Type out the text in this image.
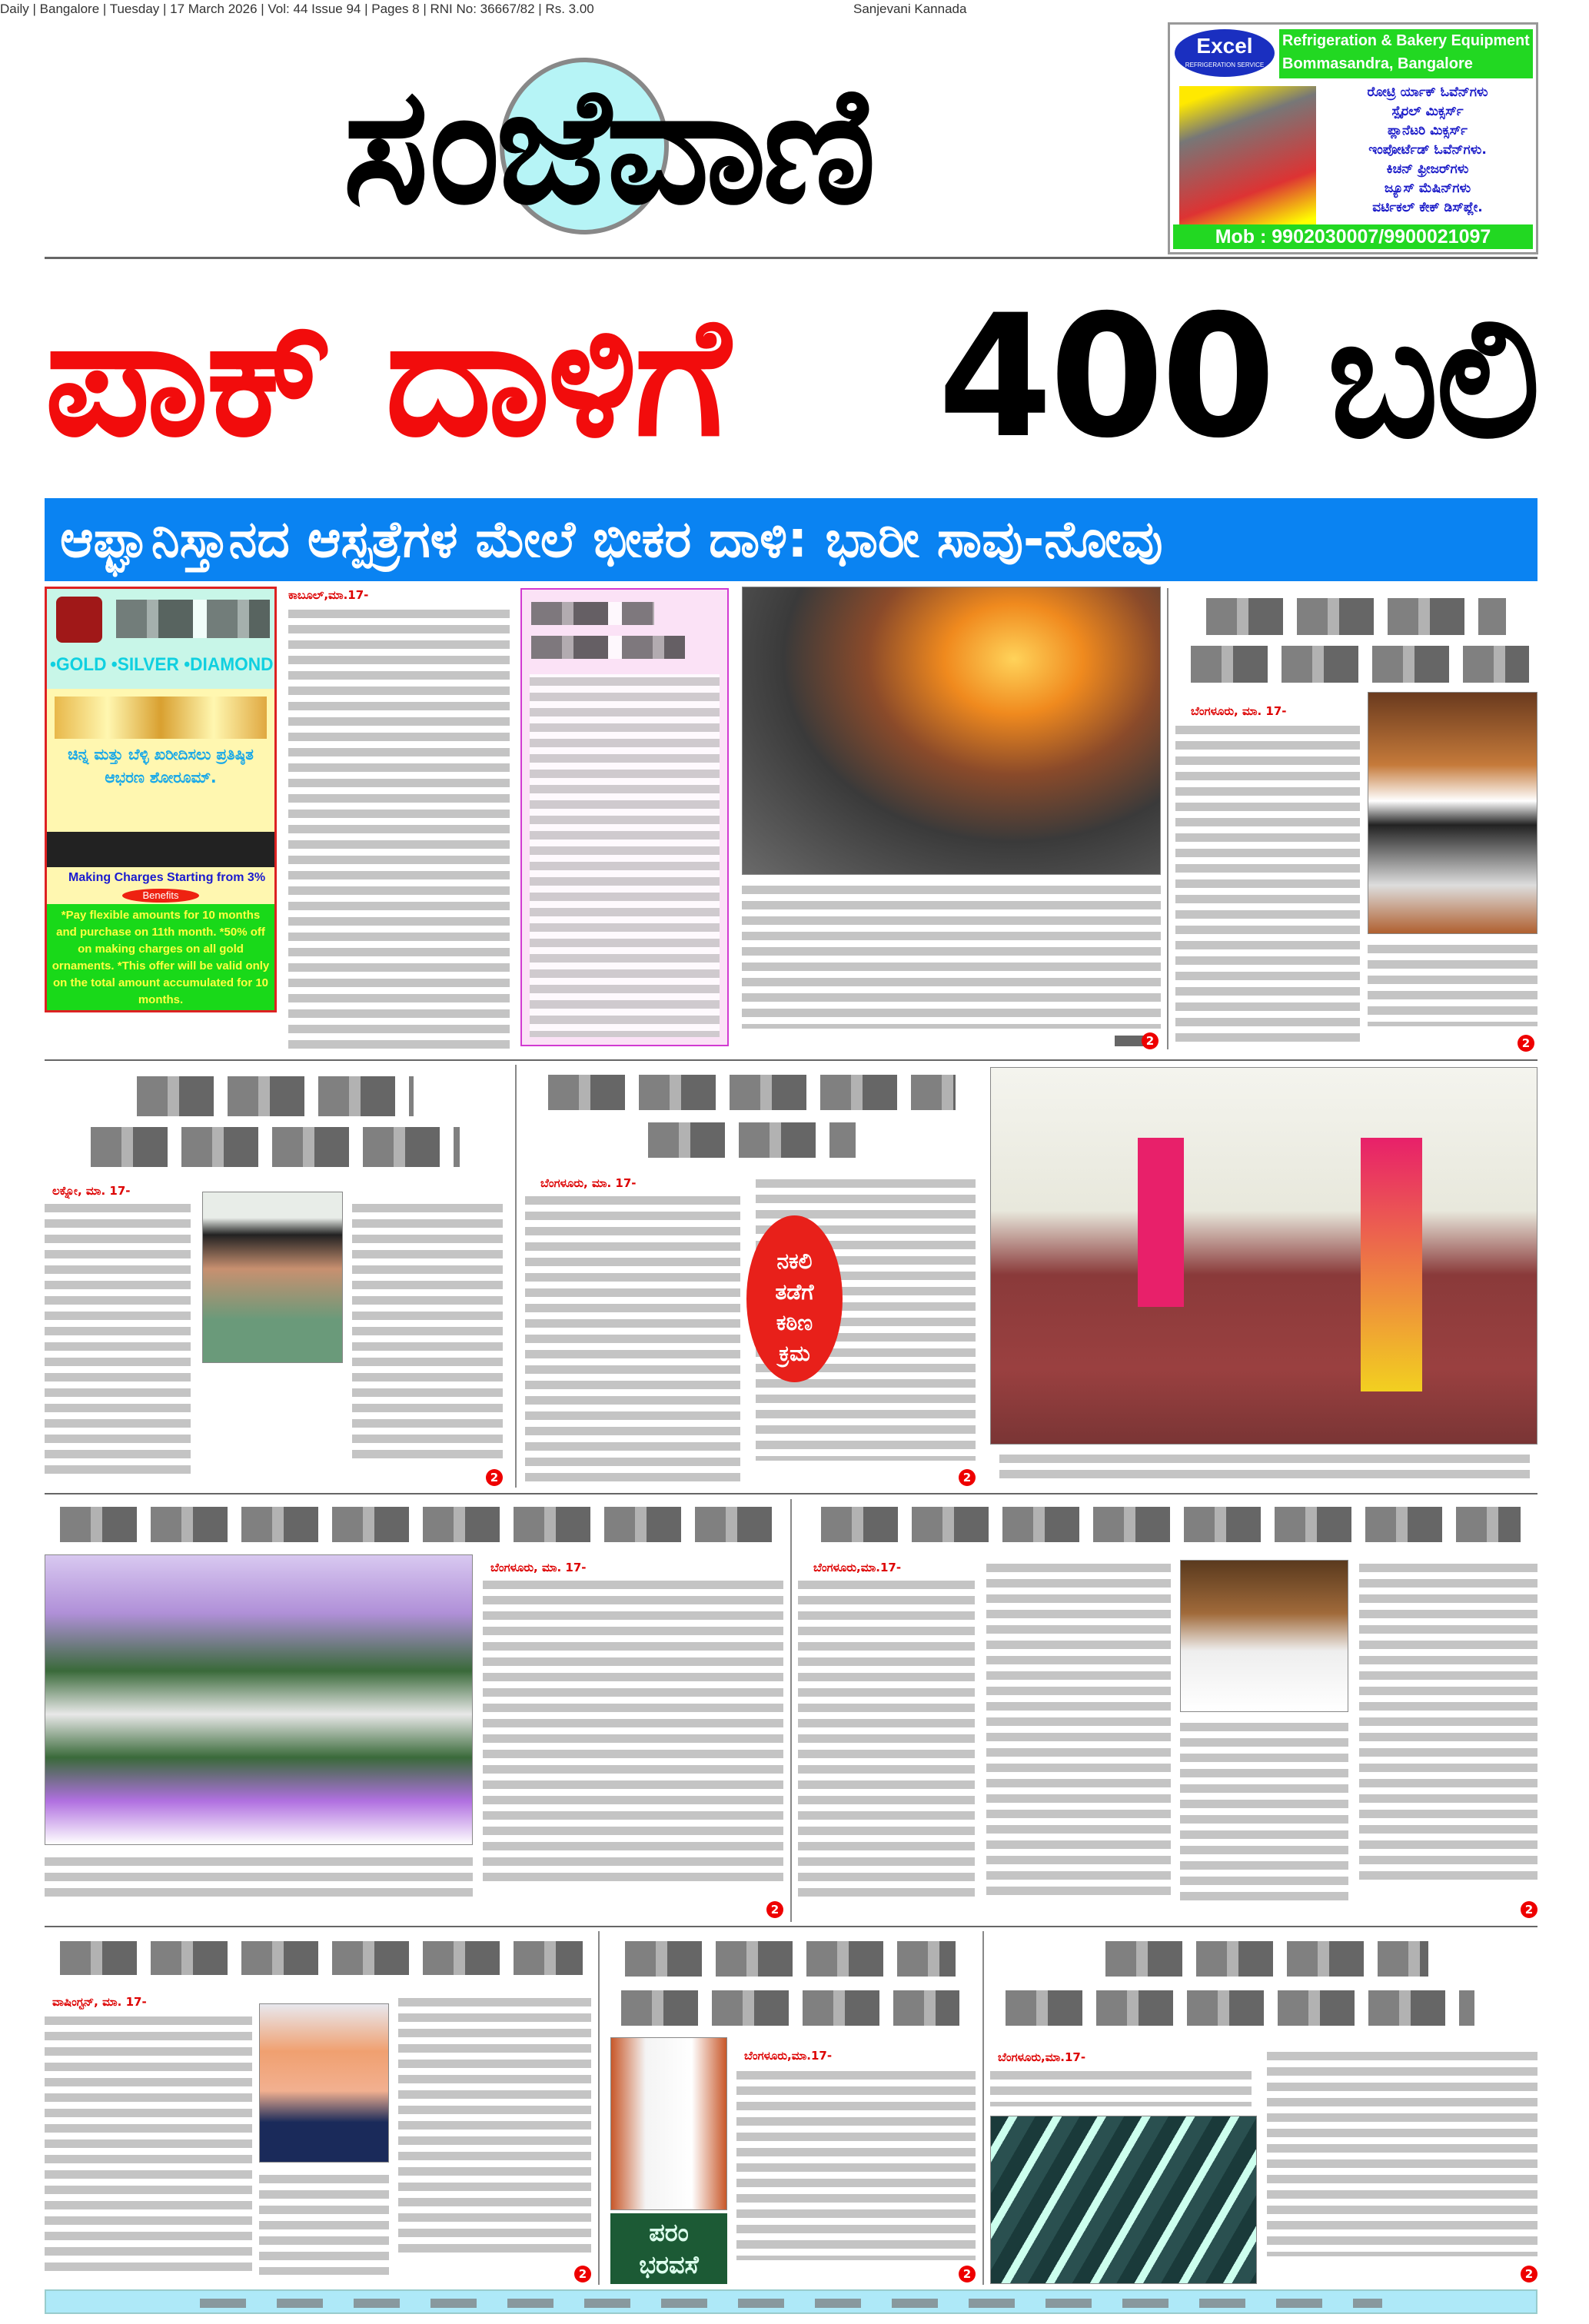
Daily | Bangalore | Tuesday | 17 March 2026 | Vol: 44 Issue 94 | Pages 8 | RNI No: 36667/82 | Rs. 3.00	Sanjevani Kannada
ಸಂಜೆವಾಣಿ
Excel
REFRIGERATION SERVICE
Refrigeration & Bakery Equipment
Bommasandra, Bangalore
ರೋಟ್ರಿ ರ್ಯಾಕ್ ಓವೆನ್‌ಗಳು
ಸ್ಪೈರಲ್ ಮಿಕ್ಸರ್ಸ್
ಪ್ಲಾನೆಟರಿ ಮಿಕ್ಸರ್ಸ್
ಇಂಪೋರ್ಟೆಡ್ ಓವೆನ್‌ಗಳು.
ಕಿಚನ್ ಫ್ರೀಜರ್‌ಗಳು
ಜ್ಯೂಸ್ ಮೆಷಿನ್‌ಗಳು
ವರ್ಟಿಕಲ್ ಕೇಕ್ ಡಿಸ್‌ಪ್ಲೇ.
Mob : 9902030007/9900021097
ಪಾಕ್ ದಾಳಿಗೆ	400 ಬಲಿ
ಆಫ್ಘಾನಿಸ್ತಾನದ ಆಸ್ಪತ್ರೆಗಳ ಮೇಲೆ ಭೀಕರ ದಾಳಿ: ಭಾರೀ ಸಾವು-ನೋವು
•GOLD •SILVER •DIAMOND
ಚಿನ್ನ ಮತ್ತು ಬೆಳ್ಳಿ ಖರೀದಿಸಲು ಪ್ರತಿಷ್ಠಿತ ಆಭರಣ ಶೋರೂಮ್.
Making Charges Starting from 3%
Benefits
*Pay flexible amounts for 10 months and purchase on 11th month. *50% off on making charges on all gold ornaments. *This offer will be valid only on the total amount accumulated for 10 months.
ಕಾಬೂಲ್,ಮಾ.17-
2
ಬೆಂಗಳೂರು, ಮಾ. 17-
2
ಲಕ್ನೋ, ಮಾ. 17-
2
ಬೆಂಗಳೂರು, ಮಾ. 17-
2
ನಕಲಿ
ತಡೆಗೆ
ಕಠಿಣ
ಕ್ರಮ
ಬೆಂಗಳೂರು, ಮಾ. 17-
2
ಬೆಂಗಳೂರು,ಮಾ.17-
2
ವಾಷಿಂಗ್ಟನ್, ಮಾ. 17-
2
ಬೆಂಗಳೂರು,ಮಾ.17-
2
ಪರಂ
ಭರವಸೆ
ಬೆಂಗಳೂರು,ಮಾ.17-
2
